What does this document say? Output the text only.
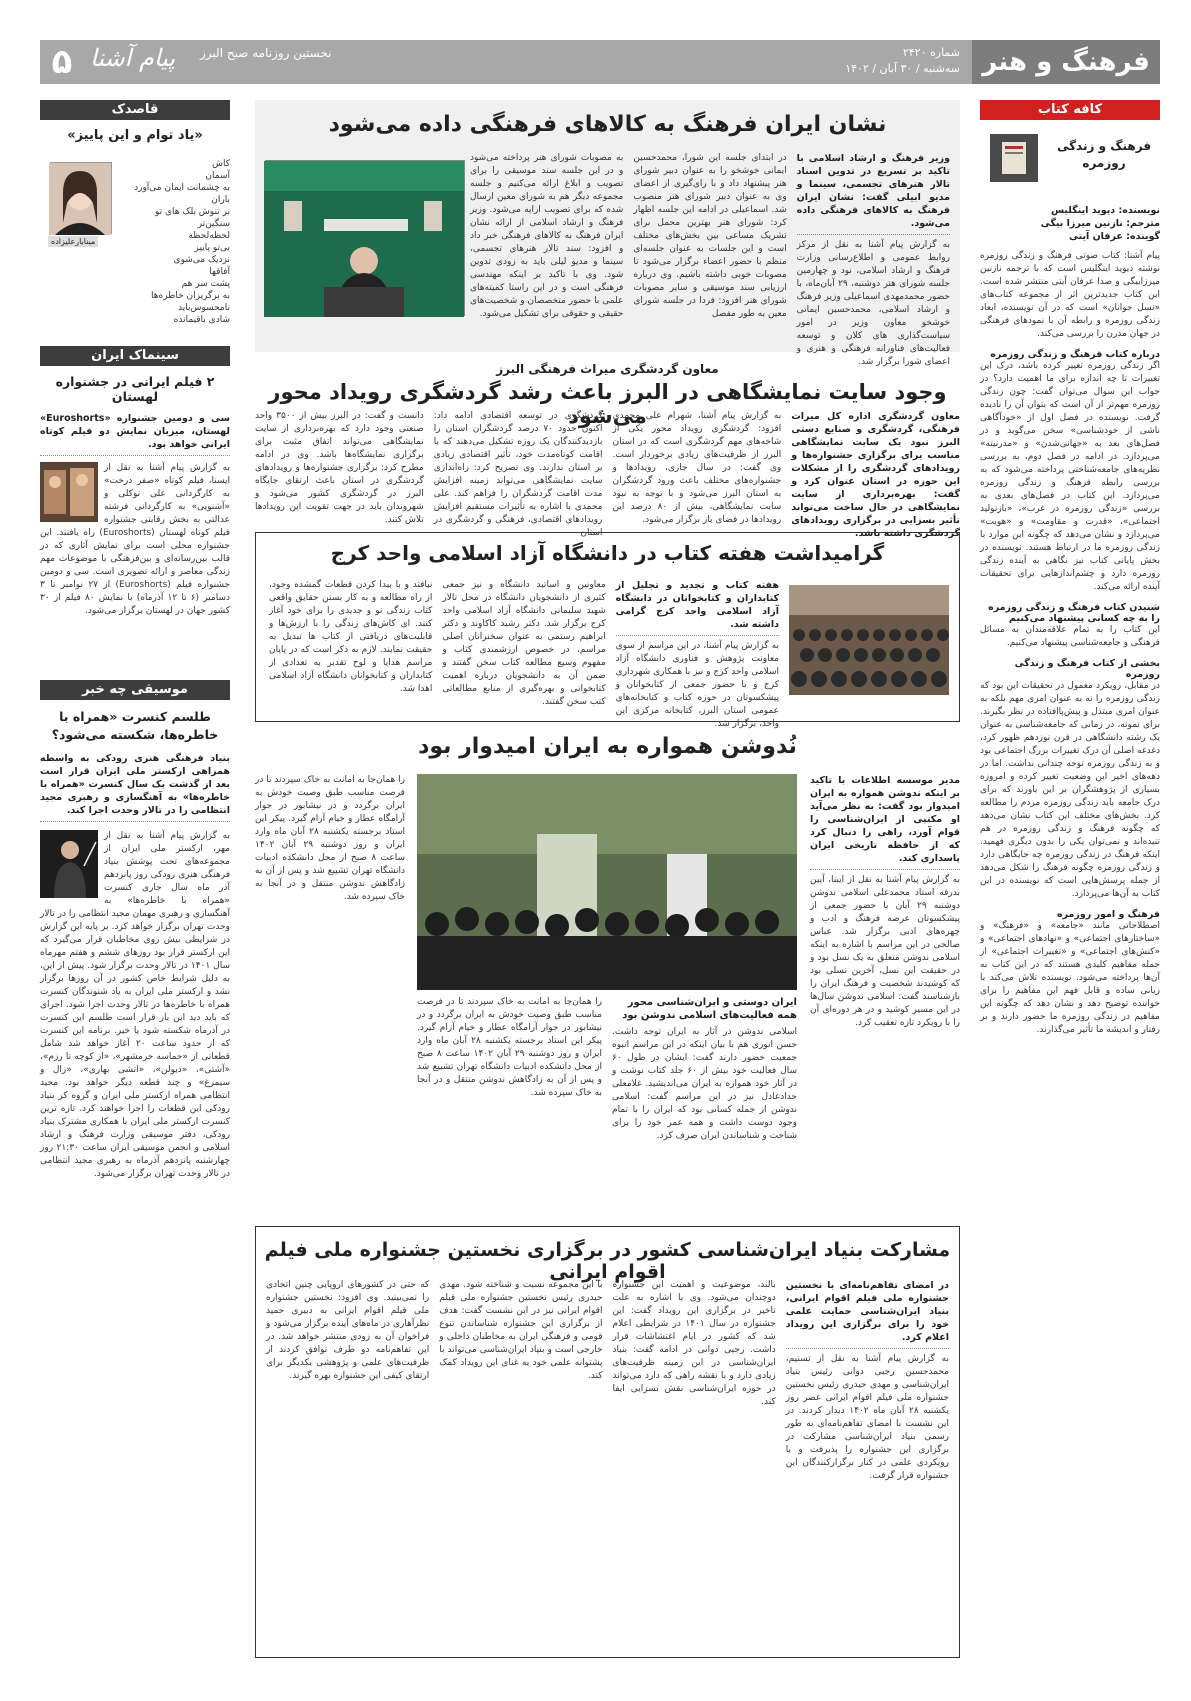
فرهنگ و هنر
شماره ۲۴۲۰
سه‌شنبه / ۳۰ آبان / ۱۴۰۲
نخستین روزنامه صبح البرز
پیام آشنا
۵
قاصدک
«یاد توام و این پاییز»
کاش
آسمان
به چشمانت ایمان می‌آورد
باران
بر تنوش بلک های تو
سنگین‌تر
لحظه‌لحظه
بی‌تو پاییز
نزدیک می‌شوی
آفاقها
پشت سر هم
به برگریزان خاطره‌ها
نامحسوس‌باید
شادی باقیمانده
مینابارعلیزاده
سینماک ایران
۲ فیلم ایرانی در جشنواره لهستان
سی و دومین جشنواره «Euroshorts» لهستان، میزبان نمایش دو فیلم کوتاه ایرانی خواهد بود.
به گزارش پیام آشنا به نقل از ایسنا، فیلم کوتاه «صفر درخت» به کارگردانی علی توکلی و «آشنویی» به کارگردانی فرشته عدالتی به بخش رقابتی جشنواره فیلم کوتاه لهستان (Euroshorts) راه یافتند. این جشنواره محلی است برای نمایش آثاری که در قالب بین‌رسانه‌ای و بین‌فرهنگی با موضوعات مهم زندگی معاصر و ارائه تصویری است. سی و دومین جشنواره فیلم (Euroshorts) از ۲۷ نوامبر تا ۳ دسامبر (۶ تا ۱۲ آذرماه) با نمایش ۸۰ فیلم از ۳۰ کشور جهان در لهستان برگزار می‌شود.
موسیقی چه خبر
طلسم کنسرت «همراه با خاطره‌ها، شکسته می‌شود؟
بنیاد فرهنگی هنری رودکی به واسطه همراهی ارکستر ملی ایران قرار است بعد از گذشت یک سال کنسرت «همراه با خاطره‌ها» به آهنگسازی و رهبری مجید انتظامی را در تالار وحدت اجرا کند.
به گزارش پیام آشنا به نقل از مهر، ارکستر ملی ایران از مجموعه‌های تحت پوشش بنیاد فرهنگی هنری رودکی روز پانزدهم آذر ماه سال جاری کنسرت «همراه با خاطره‌ها» به آهنگسازی و رهبری مهمان مجید انتظامی را در تالار وحدت تهران برگزار خواهد کرد. بر پایه این گزارش در شرایطی بیش روی مخاطبان قرار می‌گیرد که این ارکستر قرار بود روزهای ششم و هفتم مهرماه سال ۱۴۰۱ در تالار وحدت برگزار شود. پیش از این، به دلیل شرایط خاص کشور در آن روزها برگزار نشد و ارکستر ملی ایران به یاد شنوندگان کنسرت همراه با خاطره‌ها در تالار وحدت اجرا شود. اجرای که باید دید این بار قرار است طلسم این کنسرت در آذرماه شکسته شود یا خیر. برنامه این کنسرت که از حدود ساعت ۲۰ آغاز خواهد شد شامل قطعاتی از «حماسه خرمشهر»، «از کوچه تا رزم»، «آشتی»، «دیولن»، «اتشی بهاری»، «زال و سیمرغ» و چند قطعه دیگر خواهد بود. مجید انتظامی همراه ارکستر ملی ایران و گروه کر بنیاد رودکی این قطعات را اجرا خواهند کرد. تازه ترین کنسرت ارکستر ملی ایران با همکاری مشترک بنیاد رودکی، دفتر موسیقی وزارت فرهنگ و ارشاد اسلامی و انجمن موسیقی ایران ساعت ۲۱:۳۰ روز چهارشنبه پانزدهم آذرماه به رهبری مجید انتظامی در تالار وحدت تهران برگزار می‌شود.
نشان ایران فرهنگ به کالاهای فرهنگی داده می‌شود
وزیر فرهنگ و ارشاد اسلامی با تاکید بر تسریع در تدوین اسناد تالار هنرهای تجسمی، سینما و مدیو ابیلی گفت: نشان ایران فرهنگ به کالاهای فرهنگی داده می‌شود.
به گزارش پیام آشنا به نقل از مرکز روابط عمومی و اطلاع‌رسانی وزارت فرهنگ و ارشاد اسلامی، نود و چهارمین جلسه شورای هنر دوشنبه، ۲۹ آبان‌ماه، با حضور محمدمهدی اسماعیلی وزیر فرهنگ و ارشاد اسلامی، محمدحسین ایمانی خوشخو معاون وزیر در امور سیاست‌گذاری های کلان و توسعه فعالیت‌های فناورانه فرهنگی و هنری و اعضای شورا برگزار شد.
در ابتدای جلسه این شورا، محمدحسین ایمانی خوشخو را به عنوان دبیر شورای هنر پیشنهاد داد و با رای‌گیری از اعضای وی به عنوان دبیر شورای هنر منصوب شد. اسماعیلی در ادامه این جلسه اظهار کرد: شورای هنر بهترین محمل برای تشریک مساعی بین بخش‌های مختلف است و این جلسات به عنوان جلسه‌ای منظم با حضور اعضاء برگزار می‌شود تا مصوبات خوبی داشته باشیم. وی درباره ارزیابی سند موسیقی و سایر مصوبات شورای هنر افزود: فردا در جلسه شورای معین به طور مفصل
به مصوبات شورای هنر پرداخته می‌شود و در این جلسه سند موسیقی را برای تصویب و ابلاغ ارائه می‌کنیم و جلسه مجموعه دیگر هم به شورای معین ارسال شده که برای تصویب ارایه می‌شود. وزیر فرهنگ و ارشاد اسلامی از ارائه نشان ایران فرهنگ به کالاهای فرهنگی خبر داد و افزود: سند تالار هنرهای تجسمی، سینما و مدیو لیلی باید به زودی تدوین شود. وی با تاکید بر اینکه مهندسی فرهنگی است و در این راستا کمیته‌های علمی با حضور متخصصان و شخصیت‌های حقیقی و حقوقی برای تشکیل می‌شود.
معاون گردشگری میراث فرهنگی البرز
وجود سایت نمایشگاهی در البرز باعث رشد گردشگری رویداد محور می‌شود	معاون گردشگری اداره کل میراث فرهنگی، گردشگری و صنایع دستی البرز نبود یک سایت نمایشگاهی مناسب برای برگزاری جشنواره‌ها و رویدادهای گردشگری را از مشکلات این حوزه در استان عنوان کرد و گفت: بهره‌برداری از سایت نمایشگاهی در حال ساخت می‌تواند تأثیر بسزایی در برگزاری رویدادهای گردشگری داشته باشد.
به گزارش پیام آشنا، شهرام علی محمدی افزود: گردشگری رویداد محور یکی از شاخه‌های مهم گردشگری است که در استان البرز از ظرفیت‌های زیادی برخوردار است. وی گفت: در سال جاری، رویدادها و جشنواره‌های مختلف باعث ورود گردشگران به استان البرز می‌شود و با توجه به نبود سایت نمایشگاهی، بیش از ۸۰ درصد این رویدادها در فضای باز برگزار می‌شود.
گردشگری در توسعه اقتصادی ادامه داد: اکنون حدود ۷۰ درصد گردشگران استان را بازدیدکنندگان یک روزه تشکیل می‌دهند که با اقامت کوتاه‌مدت خود، تأثیر اقتصادی زیادی بر استان ندارند. وی تصریح کرد: راه‌اندازی سایت نمایشگاهی می‌تواند زمینه افزایش مدت اقامت گردشگران را فراهم کند. علی محمدی با اشاره به تأثیرات مستقیم افزایش رویدادهای اقتصادی، فرهنگی و گردشگری در استان
دانست و گفت: در البرز بیش از ۳۵۰۰ واحد صنعتی وجود دارد که بهره‌برداری از سایت نمایشگاهی می‌تواند اتفاق مثبت برای برگزاری نمایشگاه‌ها باشد. وی در ادامه مطرح کرد: برگزاری جشنواره‌ها و رویدادهای گردشگری در استان باعث ارتقای جایگاه البرز در گردشگری کشور می‌شود و شهروندان باید در جهت تقویت این رویدادها تلاش کنند.
گرامیداشت هفته کتاب در دانشگاه آزاد اسلامی واحد کرج
هفته کتاب و تجدید و تجلیل از کتابداران و کتابخوانان در دانشگاه آزاد اسلامی واحد کرج گرامی داشته شد.
به گزارش پیام آشنا، در این مراسم از سوی معاونت پژوهش و فناوری دانشگاه آزاد اسلامی واحد کرج و نیز با همکاری شهرداری کرج و با حضور جمعی از کتابخوانان و پیشکسوتان در حوزه کتاب و کتابخانه‌های عمومی استان البرز، کتابخانه مرکزی این واحد، برگزار شد.
معاونین و اساتید دانشگاه و نیز جمعی کثیری از دانشجویان دانشگاه در محل تالار شهید سلیمانی دانشگاه آزاد اسلامی واحد کرج برگزار شد. دکتر رشید کاکاوند و دکتر ابراهیم رستمی به عنوان سخنرانان اصلی مراسم، در خصوص ارزشمندی کتاب و مفهوم وسیع مطالعه کتاب سخن گفتند و ضمن آن به دانشجویان درباره اهمیت کتابخوانی و بهره‌گیری از منابع مطالعاتی کتب سخن گفتند.
نیافتد و با بیدا کردن قطعات گمشده وجود، از راه مطالعه و به کار بستن حقایق واقعی کتاب زندگی نو و جدیدی را برای خود آغاز کنند. ای کاش‌های زندگی را با ارزش‌ها و قابلیت‌های دریافتی از کتاب ها تبدیل به حقیقت نمایند. لازم به ذکر است که در پایان مراسم هدایا و لوح تقدیر به تعدادی از کتابداران و کتابخوانان دانشگاه آزاد اسلامی اهدا شد.
نُدوشن همواره به ایران امیدوار بود
مدیر موسسه اطلاعات با تاکید بر اینکه ندوشن همواره به ایران امیدوار بود گفت: به نظر می‌آید او مکتبی از ایران‌شناسی را قوام آورد، راهی را دنبال کرد که از حافظه تاریخی ایران پاسداری کند.
به گزارش پیام آشنا به نقل از ایبنا، آیین بدرقه استاد محمدعلی اسلامی ندوشن دوشنبه ۲۹ آبان با حضور جمعی از پیشکسوتان عرصه فرهنگ و ادب و چهره‌های ادبی برگزار شد. عباس صالحی در این مراسم با اشاره به اینکه اسلامی ندوشن متعلق به یک نسل بود و در حقیقت این نسل، آخرین نسلی بود که کوشیدند شخصیت و فرهنگ ایران را بازشناسند گفت: اسلامی ندوشن سال‌ها در این مسیر کوشید و در هر دوره‌ای آن را با رویکرد تازه تعقیب کرد.
ایران دوستی و ایران‌شناسی محور همه فعالیت‌های اسلامی ندوشن بود
اسلامی ندوشن در آثار به ایران توجه داشت. حسن انوری هم با بیان اینکه در این مراسم انبوه جمعیت حضور دارند گفت: ایشان در طول ۶۰ سال فعالیت خود بیش از ۶۰ جلد کتاب نوشت و در آثار خود همواره به ایران می‌اندیشید. غلامعلی حدادعادل نیز در این مراسم گفت: اسلامی ندوشن از جمله کسانی بود که ایران را با تمام وجود دوست داشت و همه عمر خود را برای شناخت و شناساندن ایران صرف کرد.
را همان‌جا به امانت به خاک سپردند تا در فرصت مناسب طبق وصیت خودش به ایران برگردد و در نیشابور در جوار آرامگاه عطار و خیام آرام گیرد. پیکر این استاد برجسته یکشنبه ۲۸ آبان ماه وارد ایران و روز دوشنبه ۲۹ آبان ۱۴۰۲ ساعت ۸ صبح از محل دانشکده ادبیات دانشگاه تهران تشییع شد و پس از آن به زادگاهش ندوشن منتقل و در آنجا به خاک سپرده شد.
را همان‌جا به امانت به خاک سپردند تا در فرصت مناسب طبق وصیت خودش به ایران برگردد و در نیشابور در جوار آرامگاه عطار و خیام آرام گیرد. پیکر این استاد برجسته یکشنبه ۲۸ آبان ماه وارد ایران و روز دوشنبه ۲۹ آبان ۱۴۰۲ ساعت ۸ صبح از محل دانشکده ادبیات دانشگاه تهران تشییع شد و پس از آن به زادگاهش ندوشن منتقل و در آنجا به خاک سپرده شد.
مشارکت بنیاد ایران‌شناسی کشور در برگزاری نخستین جشنواره ملی فیلم اقوام ایرانی
در امضای تفاهم‌نامه‌ای با نخستین جشنواره ملی فیلم اقوام ایرانی، بنیاد ایران‌شناسی حمایت علمی خود را برای برگزاری این رویداد اعلام کرد.
به گزارش پیام آشنا به نقل از تسنیم، محمدحسین رجبی دوانی رئیس بنیاد ایران‌شناسی و مهدی حیدری رئیس نخستین جشنواره ملی فیلم اقوام ایرانی عصر روز یکشنبه ۲۸ آبان ماه ۱۴۰۲ دیدار کردند. در این نشست با امضای تفاهم‌نامه‌ای به طور رسمی بنیاد ایران‌شناسی مشارکت در برگزاری این جشنواره را پذیرفت و با رویکردی علمی در کنار برگزارکنندگان این جشنواره قرار گرفت.
بالند، موضوعیت و اهمیت این جشنواره دوچندان می‌شود. وی با اشاره به علت تاخیر در برگزاری این رویداد گفت: این جشنواره در سال ۱۴۰۱ در شرایطی اعلام شد که کشور در ایام اغتشاشات قرار داشت. رجبی دوانی در ادامه گفت: بنیاد ایران‌شناسی در این زمینه ظرفیت‌های زیادی دارد و با نقشه راهی که دارد می‌تواند در حوزه ایران‌شناسی نقش بسزایی ایفا کند.
با این مجموعه نسبت و شناخته شود. مهدی حیدری رئیس نخستین جشنواره ملی فیلم اقوام ایرانی نیز در این نشست گفت: هدف از برگزاری این جشنواره شناساندن تنوع قومی و فرهنگی ایران به مخاطبان داخلی و خارجی است و بنیاد ایران‌شناسی می‌تواند با پشتوانه علمی خود به غنای این رویداد کمک کند.
که حتی در کشورهای اروپایی چنین اتحادی را نمی‌بینید. وی افزود: نخستین جشنواره ملی فیلم اقوام ایرانی به دبیری حمید نظرآهاری در ماه‌های آینده برگزار می‌شود و فراخوان آن به زودی منتشر خواهد شد. در این تفاهم‌نامه دو طرف توافق کردند از ظرفیت‌های علمی و پژوهشی یکدیگر برای ارتقای کیفی این جشنواره بهره گیرند.
کافه کتاب
فرهنگ و زندگی روزمره
نویسنده: دیوید اینگلیس
مترجم: نازنین میرزا بیگی
گوینده: عرفان آیتی
پیام آشنا: کتاب صوتی فرهنگ و زندگی روزمره نوشته دیوید اینگلیس است که با ترجمه نازنین میرزابیگی و صدا عرفان آیتی منتشر شده است. این کتاب جدیدترین اثر از مجموعه کتاب‌های «نسل جوانان» است که در آن نویسنده، ابعاد زندگی روزمره و رابطه آن با نمودهای فرهنگی در جهان مدرن را بررسی می‌کند.
درباره کتاب فرهنگ و زندگی روزمره
اگر زندگی روزمره تغییر کرده باشد، درک این تغییرات تا چه اندازه برای ما اهمیت دارد؟ در جواب این سوال می‌توان گفت: چون زندگی روزمره مهم‌تر از آن است که بتوان آن را نادیده گرفت. نویسنده در فصل اول از «خودآگاهی ناشی از خودشناسی» سخن می‌گوید و در فصل‌های بعد به «جهانی‌شدن» و «مدرنیته» می‌پردازد. در ادامه در فصل دوم، به بررسی نظریه‌های جامعه‌شناختی پرداخته می‌شود که به بررسی رابطه فرهنگ و زندگی روزمره می‌پردازد. این کتاب در فصل‌های بعدی به بررسی «زندگی روزمره در غرب»، «بازتولید اجتماعی»، «قدرت و مقاومت» و «هویت» می‌پردازد و نشان می‌دهد که چگونه این موارد با زندگی روزمره ما در ارتباط هستند. نویسنده در بخش پایانی کتاب نیز نگاهی به آینده زندگی روزمره دارد و چشم‌اندازهایی برای تحقیقات آینده ارائه می‌کند.
شنیدن کتاب فرهنگ و زندگی روزمره را به چه کسانی پیشنهاد می‌کنیم
این کتاب را به تمام علاقه‌مندان به مسائل فرهنگی و جامعه‌شناسی پیشنهاد می‌کنیم.
بخشی از کتاب فرهنگ و زندگی روزمره
در مقابل، رویکرد معمول در تحقیقات این بود که زندگی روزمره را نه به عنوان امری مهم بلکه به عنوان امری مبتذل و پیش‌پاافتاده در نظر بگیرند. برای نمونه، در زمانی که جامعه‌شناسی به عنوان یک رشته دانشگاهی در قرن نوزدهم ظهور کرد، دغدغه اصلی آن درک تغییرات بزرگ اجتماعی بود و به زندگی روزمره توجه چندانی نداشت. اما در دهه‌های اخیر این وضعیت تغییر کرده و امروزه بسیاری از پژوهشگران بر این باورند که برای درک جامعه باید زندگی روزمره مردم را مطالعه کرد. بخش‌های مختلف این کتاب نشان می‌دهد که چگونه فرهنگ و زندگی روزمره در هم تنیده‌اند و نمی‌توان یکی را بدون دیگری فهمید. اینکه فرهنگ در زندگی روزمره چه جایگاهی دارد و زندگی روزمره چگونه فرهنگ را شکل می‌دهد از جمله پرسش‌هایی است که نویسنده در این کتاب به آن‌ها می‌پردازد.
فرهنگ و امور روزمره
اصطلاحاتی مانند «جامعه» و «فرهنگ» و «ساختارهای اجتماعی» و «نهادهای اجتماعی» و «کنش‌های اجتماعی» و «تغییرات اجتماعی» از جمله مفاهیم کلیدی هستند که در این کتاب به آن‌ها پرداخته می‌شود. نویسنده تلاش می‌کند با زبانی ساده و قابل فهم این مفاهیم را برای خواننده توضیح دهد و نشان دهد که چگونه این مفاهیم در زندگی روزمره ما حضور دارند و بر رفتار و اندیشه ما تأثیر می‌گذارند.
